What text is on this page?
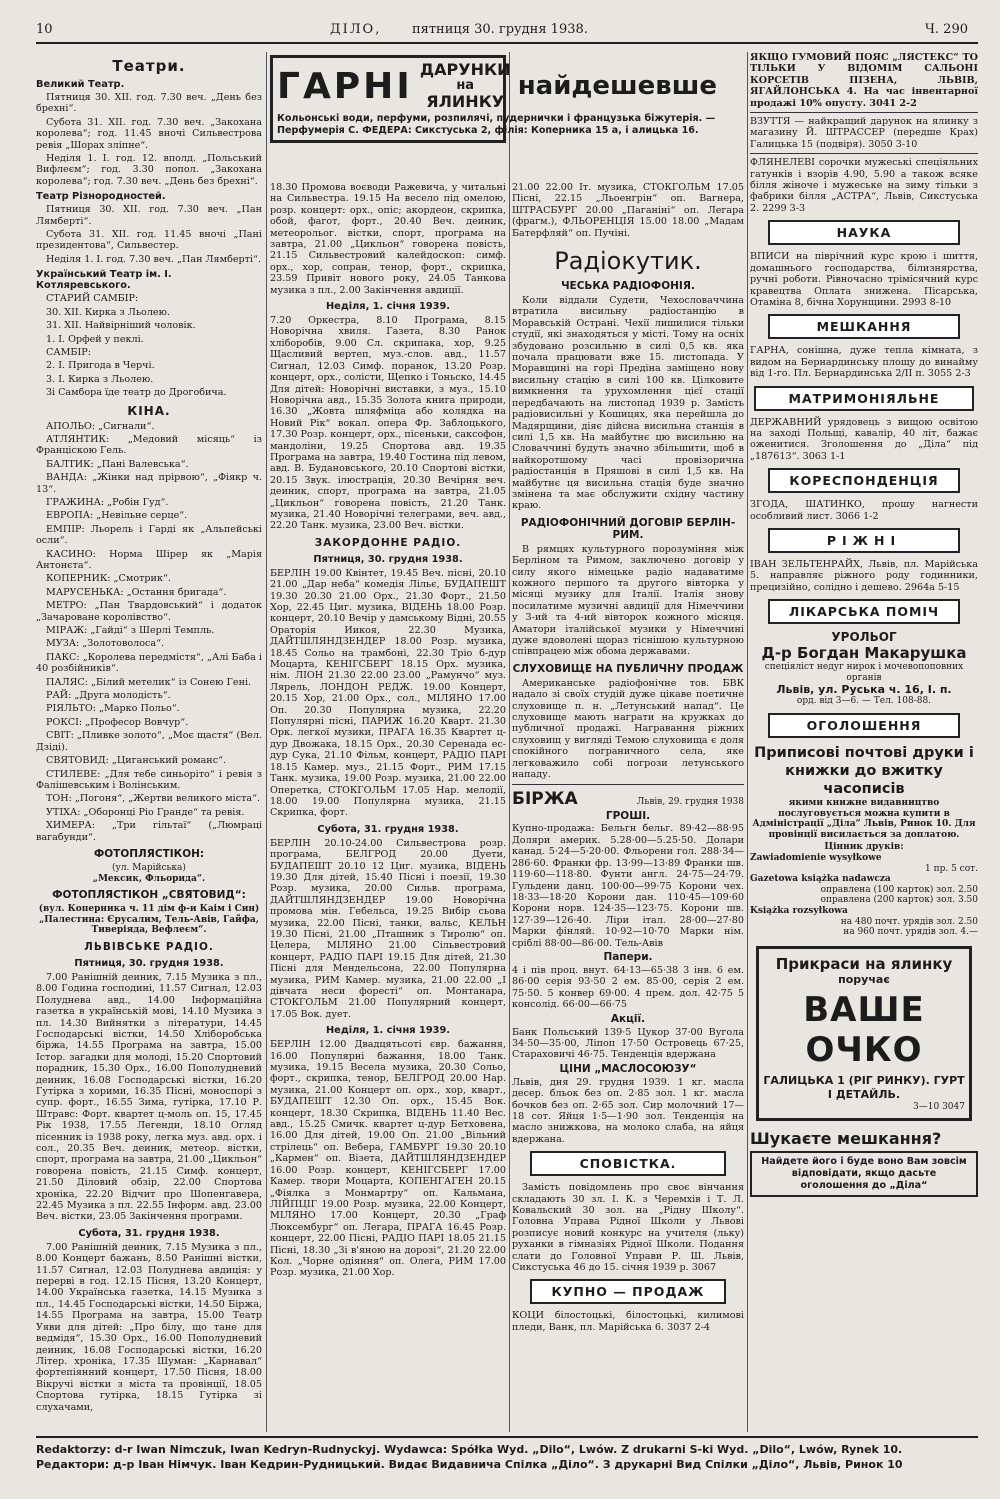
10	ДІЛО, пятниця 30. грудня 1938.	Ч. 290
Театри.
Великий Театр.

Пятниця 30. XII. год. 7.30 веч. „День без брехні“.

Субота 31. XII. год. 7.30 веч. „Закохана королева“; год. 11.45 вночі Сильвестрова ревія „Шорах зліпне“.

Неділя 1. І. год. 12. вполд. „Польський Вифлеєм“; год. 3.30 попол. „Закохана королева“; год. 7.30 веч. „День без брехні“.

Театр Різнородностей.

Пятниця 30. XII. год. 7.30 веч. „Пан Лямберті“.

Субота 31. XII. год. 11.45 вночі „Пані президентова“, Сильвестер.

Неділя 1. І. год. 7.30 веч. „Пан Лямберті“.

Український Театр ім. І. Котляревського.

СТАРИЙ САМБІР:

30. XII. Кирка з Льолею.

31. XII. Найвірніший чоловік.

1. І. Орфей у пеклі.

САМБІР:

2. І. Пригода в Черчі.

3. І. Кирка з Льолею.

Зі Самбора їде театр до Дрогобича.

КІНА.

АПОЛЬО: „Сигнали“.

АТЛЯНТИК: „Медовий місяць“ із Франціскою Гель.

БАЛТИК: „Пані Валевська“.

ВАНДА: „Жінки над прірвою“, „Фіякр ч. 13“.

ГРАЖИНА: „Робін Гуд“.

ЕВРОПА: „Невільне серце“.

ЕМПІР: Льорель і Гарді як „Альпейські осли“.

КАСИНО: Норма Шірер як „Марія Антонєта“.

КОПЕРНИК: „Смотрик“.

МАРУСЕНЬКА: „Остання бригада“.

МЕТРО: „Пан Тваpдовський“ і додаток „Зачароване королівство“.

МІРАЖ: „Гайді“ з Шерлі Темпль.

МУЗА: „Золотоволоса“.

ПАКС: „Королева передмістя“, „Алі Баба і 40 розбійників“.

ПАЛЯС: „Білий метелик“ із Сонею Гені.

РАЙ: „Друга молодість“.

РІЯЛЬТО: „Марко Польо“.

РОКСІ: „Професор Вовчур“.

СВІТ: „Пливке золото“, „Моє щастя“ (Вел. Дзіді).

СВЯТОВИД: „Циганський романс“.

СТИЛЕВЕ: „Для тебе синьоріто“ і ревія з Фалішевським і Волінським.

ТОН: „Погоня“, „Жертви великого міста“.

УТІХА: „Оборонці Ріо Гранде“ та ревія.

ХИМЕРА: „Три гільтаї“ („Люмраці вагабунди“.

ФОТОПЛЯСТІКОН:
(ул. Марійська)
„Мексик, Фльорида“.
ФОТОПЛЯСТІКОН „СВЯТОВИД“:
(вул. Коперника ч. 11 дім ф-и Каім і Син) „Палестина: Єрусалим, Тель-Авів, Гайфа, Тиверіяда, Вефлеєм“.
ЛЬВІВСЬКЕ РАДІО.
Пятниця, 30. грудня 1938.

7.00 Ранішній деиник, 7.15 Музика з пл., 8.00 Година господині, 11.57 Сигнал, 12.03 Полуднева авд., 14.00 Інформаційна газетка в українській мові, 14.10 Музика з пл. 14.30 Вийнятки з літератури, 14.45 Господарські вістки, 14.50 Хліборобська біржа, 14.55 Програма на завтра, 15.00 Істор. загадки для молоді, 15.20 Спортовий порадник, 15.30 Орх., 16.00 Пополудневий деиник, 16.08 Господарські вістки, 16.20 Гутірка з хорими, 16.35 Пісні, моноспорі з супр. форт., 16.55 Зима, гутірка, 17.10 Р. Штравс: Форт. квартет ц-моль оп. 15, 17.45 Рік 1938, 17.55 Легенди, 18.10 Огляд пісенник із 1938 року, легка муз. авд. орх. і сол., 20.35 Веч. деиник, метеор. вістки, спорт, програма на завтра, 21.00 „Цикльон“ говорена повість, 21.15 Симф. концерт, 21.50 Діловий обзір, 22.00 Спортова хроніка, 22.20 Відчит про Шопенгавера, 22.45 Музика з пл. 22.55 Інформ. авд. 23.00 Веч. вістки, 23.05 Закінчення програми.

Субота, 31. грудня 1938.

7.00 Ранішній деиник, 7.15 Музика з пл., 8.00 Концерт бажань, 8.50 Ранішні вістки, 11.57 Сигнал, 12.03 Полуднева авдиція: у перерві в год. 12.15 Пісня, 13.20 Концерт, 14.00 Українська газетка, 14.15 Музика з пл., 14.45 Господарські вістки, 14.50 Біржа, 14.55 Програма на завтра, 15.00 Театр Уяви для дітей: „Про білу, що тане для ведмідя“, 15.30 Орх., 16.00 Пополудневий деиник, 16.08 Господарські вістки, 16.20 Літер. хроніка, 17.35 Шуман: „Карнавал“ фортепіянний концерт, 17.50 Пісня, 18.00 Вікручі вістки з міста та провінції, 18.05 Спортова гутірка, 18.15 Гутірка зі слухачами,

ГАРНІ ДАРУНКИ
на
ЯЛИНКУ
найдешевше
Кольонські води, перфуми, розпилячі, пудернички і французька біжутерія. — Перфумерія С. ФЕДЕРА: Сикстуська 2, філія: Коперника 15 а, і алицька 16.

18.30 Промова воєводи Ражевича, у читальні на Сильвестра. 19.15 На весело під омелою, розр. концерт: орх., опіс; акордеон, скрипка, обой, фагот, форт., 20.40 Веч. деиник, метеорольог. вістки, спорт, програма на завтра, 21.00 „Цикльон“ говорена повість, 21.15 Сильвестровий калейдоскоп: симф. орх., хор, сопран, тенор, форт., скрипка, 23.59 Привіт нового року, 24.05 Танкова музика з пл., 2.00 Закінчення авдиції.

Неділя, 1. січня 1939.

7.20 Оркестра, 8.10 Програма, 8.15 Новорічна хвиля. Газета, 8.30 Ранок хліборобів, 9.00 Сл. скрипака, хор, 9.25 Щасливий вертеп, муз.-слов. авд., 11.57 Сигнал, 12.03 Симф. поранок, 13.20 Розр. концерт, орх., солісти, Щепко і Тоньско, 14.45 Для дітей: Новорічні виставки, з муз., 15.10 Новорічна авд., 15.35 Золота книга природи, 16.30 „Жовта шляфміца або колядка на Новий Рік“ вокал. опера Фр. Заблоцького, 17.30 Розр. концерт, орх., пісеньки, саксофон, мандоліни, 19.25 Спортова авд. 19.35 Програма на завтра, 19.40 Гостина під левом, авд. В. Будановського, 20.10 Спортові вістки, 20.15 Звук. ілюстрація, 20.30 Вечірня веч. деиник, спорт, програма на завтра, 21.05 „Цикльон“ говорена повість, 21.20 Танк. музика, 21.40 Новорічні телеграми, веч. авд., 22.20 Танк. музика, 23.00 Веч. вістки.

ЗАКОРДОННЕ РАДІО.
Пятниця, 30. грудня 1938.

БЕРЛІН 19.00 Квінтет, 19.45 Веч. пісні, 20.10 21.00 „Дар неба“ комедія Лільє, БУДАПЕШТ 19.30 20.30 21.00 Орх., 21.30 Форт., 21.50 Хор, 22.45 Циг. музика, ВІДЕНЬ 18.00 Розр. концерт, 20.10 Вечір у дамському Відні, 20.55 Ораторія Иикоя, 22.30 Музика, ДАЙТШЛЯНДЗЕНДЕР 18.00 Розр. музика, 18.45 Сольо на трамбоні, 22.30 Тріо б-дур Моцарта, КЕНІГСБЕРГ 18.15 Орх. музика, нім. ЛІОН 21.30 22.00 23.00 „Рамунчо“ муз. Лярель, ЛОНДОН РЕДЖ. 19.00 Концерт, 20.15 Хор, 21.00 Орх., сол., МІЛЯНО 17.00 Оп. 20.30 Популярна музика, 22.20 Популярні пісні, ПАРИЖ 16.20 Кварт. 21.30 Орк. легкої музики, ПРАГА 16.35 Квартет ц-дур Двожака, 18.15 Орх., 20.30 Серенада ес-дур Сука, 21.10 Фільм, концерт, РАДІО ПАРІ 18.15 Камер. муз., 21.15 Форт., РИМ 17.15 Танк. музика, 19.00 Розр. музика, 21.00 22.00 Оперетка, СТОКГОЛЬМ 17.05 Нар. мелодії, 18.00 19.00 Популярна музика, 21.15 Скрипка, форт.

Субота, 31. грудня 1938.

БЕРЛІН 20.10-24.00 Сильвестрова розр. програма, БЕЛГРОД 20.00 Дуети, БУДАПЕШТ 20.10 12 Циг. музика, ВІДЕНЬ 19.30 Для дітей, 15.40 Пісні і поезії, 19.30 Розр. музика, 20.00 Сильв. програма, ДАЙТШЛЯНДЗЕНДЕР 19.00 Новорічна промова мін. Гебельса, 19.25 Вибір сьова музика, 22.00 Пісні, танки, вальс, КЕЛЬН 19.30 Пісні, 21.00 „Пташник з Тиролю“ оп. Целера, МІЛЯНО 21.00 Сільвестровий концерт, РАДІО ПАРІ 19.15 Для дітей, 21.30 Пісні для Мендельсона, 22.00 Популярна музика, РИМ Камер. музика, 21.00 22.00 „І дівчата неси форесті“ оп. Монтанара, СТОКГОЛЬМ 21.00 Популярний концерт, 17.05 Вок. дует.

Неділя, 1. січня 1939.

БЕРЛІН 12.00 Двадцятьсоті євр. бажання, 16.00 Популярні бажання, 18.00 Танк. музика, 19.15 Весела музика, 20.30 Сольо, форт., скрипка, тенор, БЕЛГРОД 20.00 Нар. музика, 21.00 Концерт оп. орх., хор, кварт., БУДАПЕШТ 12.30 Оп. орх., 15.45 Вок. концерт, 18.30 Скрипка, ВІДЕНЬ 11.40 Вес. авд., 15.25 Смичк. квартет ц-дур Бетховена, 16.00 Для дітей, 19.00 Оп. 21.00 „Вільний стрілець“ оп. Вебера, ГАМБУРГ 19.30 20.10 „Кармен“ оп. Візета, ДАЙТШЛЯНДЗЕНДЕР 16.00 Розр. концерт, КЕНІГСБЕРГ 17.00 Камер. твори Моцарта, КОПЕНГАГЕН 20.15 „Фіялка з Монмартру“ оп. Кальмана, ЛІЙПЦІГ 19.00 Розр. музика, 22.00 Концерт, МІЛЯНО 17.00 Концерт, 20.30 „Граф Люксембург“ оп. Легара, ПРАГА 16.45 Розр. концерт, 22.00 Пісні, РАДІО ПАРІ 18.05 21.15 Пісні, 18.30 „Зі в'яною на дорозі“, 21.20 22.00 Кол. „Чорне одіяння“ оп. Олега, РИМ 17.00 Розр. музика, 21.00 Хор.

21.00 22.00 Іт. музика, СТОКГОЛЬМ 17.05 Пісні, 22.15 „Льоенгрін“ оп. Вагнера, ШТРАСБУРГ 20.00 „Паганіні“ оп. Легара (фрагм.), ФЛЬОРЕНЦІЯ 15.00 18.00 „Мадам Батерфляй“ оп. Пучіні.

Радіокутик.
ЧЕСЬКА РАДІОФОНІЯ.

Коли віддали Судети, Чехословаччина втратила висильну радіостанцію в Моравській Острані. Чехії лишилися тільки студії, які знаходяться у місті. Тому на осніх збудовано розсильню в силі 0,5 кв. яка почала працювати вже 15. листопада. У Моравщині на горі Предіна заміщено нову висильну стацію в силі 100 кв. Цілковите вимкнення та урухомлення цієї стації передбачають на листопад 1939 р. Замість радіовисильні у Кошицях, яка перейшла до Мадярщини, діяє дійсна висильна станція в силі 1,5 кв. На майбутнє цю висильню на Словаччині будуть значно збільшити, щоб в найкоротшому часі провізорична радіостанція в Пряшові в силі 1,5 кв. На майбутнє ця висильна стація буде значно змінена та має обслужити східну частину краю.

РАДІОФОНІЧНИЙ ДОГОВІР БЕРЛІН-РИМ.

В рямцях культурного порозуміння між Берліном та Римом, заключено договір у силу якого німецьке радіо надаватиме кожного першого та другого вівторка у місяці музику для Італії. Італія знову посилатиме музичні авдиції для Німеччини у 3-ий та 4-ий вівторок кожного місяця. Аматори італійської музики у Німеччині дуже вдоволені щораз тіснішою культурною співпрацею між обома державами.

СЛУХОВИЩЕ НА ПУБЛИЧНУ ПРОДАЖ

Американське радіофонічне тов. БВК надало зі своїх студій дуже цікаве поетичне слуховище п. н. „Летунський напад“. Це слуховище мають награти на кружках до публичної продажі. Награвання ріжних слуховищ у вигляді Темою слуховища є доля спокійного пограничного села, яке легковажило собі погрози летунського нападу.

БІРЖА	Львів, 29. грудня 1938
ГРОШІ.

Купно-продажа: Бельгн бельг. 89·42—88·95 Доляри америк. 5.28·00—5.25·50. Долари канад. 5·24—5·20·00. Фльорени гол. 288·34—286·60. Франки фр. 13·99—13·89 Франки шв. 119·60—118·80. Фунти англ. 24·75—24·79. Гульдени данц. 100·00—99·75 Корони чех. 18·33—18·20 Корони дан. 110·45—109·60 Корони норв. 124·35—123·75. Корони шв. 127·39—126·40. Ліри італ. 28·00—27·80 Марки фінляй. 10·92—10·70 Марки нім. сріблі 88·00—86·00. Тель-Авів

Папери.

4 і пів проц. внут. 64·13—65·38 3 інв. 6 ем. 86·00 серія 93·50 2 ем. 85·00, серія 2 ем. 75·50. 5 конвер 69·00. 4 прем. дол. 42·75 5 консолід. 66·00—66·75

Акції.

Банк Польський 139·5 Цукор 37·00 Вугола 34·50—35·00, Ліпоп 17·50 Островець 67·25, Стараховичі 46·75. Тенденція вдержана

ЦІНИ „МАСЛОСОЮЗУ“

Львів, дня 29. грудня 1939. 1 кг. масла десер. бльок без оп. 2·85 зол. 1 кг. масла бочков без оп. 2·65 зол. Сир молочний 17—18 сот. Яйця 1·5—1·90 зол. Тенденція на масло знижкова, на молоко слаба, на яйця вдержана.

СПОВІСТКА.

Замість повідомлень про своє вінчання складають 30 зл. І. К. з Черемхів і Т. Л. Ковальский 30 зол. на „Рідну Школу“. Головна Управа Рідної Школи у Львові розписує новий конкурс на учителя (льку) руханки в гімназіях Рідної Школи. Подання слати до Головної Управи Р. Ш. Львів, Сикстуська 46 до 15. січня 1939 р. 3067

КУПНО — ПРОДАЖ

КОЦИ білостоцькі, білостоцькі, килимові пледи, Ванк, пл. Марійська 6. 3037 2-4

ЯКЩО ГУМОВИЙ ПОЯС „ЛЯСТЕКС“ ТО ТІЛЬКИ У ВІДОМІМ САЛЬОНІ КОРСЕТІВ ПІЗЕНА, ЛЬВІВ, ЯГАЙЛОНСЬКА 4. На час інвентарної продажі 10% опусту. 3041 2-2

ВЗУТТЯ — найкращий дарунок на ялинку з магазину Й. ШТРАССЕР (передше Крах) Галицька 15 (подвіря). 3050 3-10

ФЛЯНЕЛЕВІ сорочки мужеські спеціяльних гатунків і взорів 4.90, 5.90 а також всяке білля жіноче і мужеське на зиму тільки з фабрики білля „АСТРА“, Львів, Сикстуська 2. 2299 3-3

НАУКА

ВПИСИ на піврічний курс крою і шиття, домашнього господарства, білизнярства, ручні роботи. Рівночасно трімісячний курс кравецтва Оплата знижена. Пісарська, Отаміна 8, бічна Хорунщини. 2993 8-10

МЕШКАННЯ

ГАРНА, сонішна, дуже тепла кімната, з видом на Бернардинську площу до винайму від 1-го. Пл. Бернардинська 2/II п. 3055 2-3

МАТРИМОНІЯЛЬНЕ

ДЕРЖАВНИЙ урядовець з вищою освітою на заході Польщі, кавалір, 40 літ, бажає оженитися. Зголошення до „Діла“ під „187613“. 3063 1-1

КОРЕСПОНДЕНЦІЯ

ЗГОДА, ШАТИНКО, прошу нагнести особливий лист. 3066 1-2

РІЖНІ

ІВАН ЗЕЛЬТЕНРАЙХ, Львів, пл. Марійська 5. направляє ріжного роду годинники, прецизійно, солідно і дешево. 2964a 5-15

ЛІКАРСЬКА ПОМІЧ
УРОЛЬОГ
Д-р Богдан Макарушка
спеціяліст недуг нирок і мочевопоповних органів
Львів, ул. Руська ч. 16, І. п.
орд. від 3—6. — Тел. 108-88.
ОГОЛОШЕННЯ
Приписові почтові друки і книжки до вжитку часописів

якими книжне видавництво послуговується можна купити в Адміністрації „Діла“ Львів, Ринок 10. Для провінції висилається за доплатою.

Цінник друків:
Zawiadomienie wysyłkowe
1 пр. 5 сот.
Gazetowa książka nadawcza
оправлена (100 карток) зол. 2.50
оправлена (200 карток) зол. 3.50
Książka rozsyłkowa
на 480 почт. урядів зол. 2.50
на 960 почт. урядів зол. 4.—
Прикраси на ялинку
поручає
ВАШЕ ОЧКО
ГАЛИЦЬКА 1 (РІГ РИНКУ). ГУРТ І ДЕТАЙЛЬ.
3—10 3047
Шукаєте мешкання?
Найдете його і буде воно Вам зовсім відповідати, якщо дасьте оголошення до „Діла“
Redaktorzy: d-r Iwan Nimczuk, Iwan Kedryn-Rudnyckyj. Wydawca: Spółka Wyd. „Dilo“, Lwów. Z drukarni S-ki Wyd. „Dilo“, Lwów, Rynek 10.
Редактори: д-р Іван Німчук. Іван Кедрин-Рудницький. Видає Видавнича Спілка „Діло“. З друкарні Вид Спілки „Діло“, Львів, Ринок 10
